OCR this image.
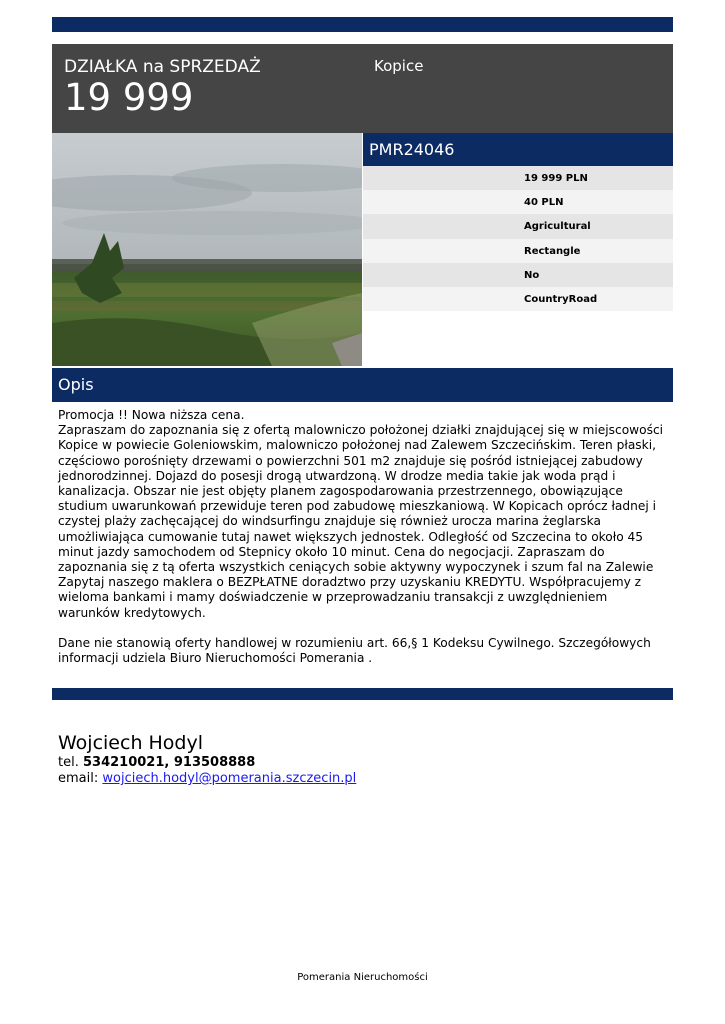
DZIAŁKA na SPRZEDAŻ
19 999
Kopice
PMR24046
19 999 PLN
40 PLN
Agricultural
Rectangle
No
CountryRoad
Opis

Promocja !! Nowa niższa cena.
Zapraszam do zapoznania się z ofertą malowniczo położonej działki znajdującej się w miejscowości Kopice w powiecie Goleniowskim, malowniczo położonej nad Zalewem Szczecińskim. Teren płaski, częściowo porośnięty drzewami o powierzchni 501 m2 znajduje się pośród istniejącej zabudowy jednorodzinnej. Dojazd do posesji drogą utwardzoną. W drodze media takie jak woda prąd i kanalizacja. Obszar nie jest objęty planem zagospodarowania przestrzennego, obowiązujące studium uwarunkowań przewiduje teren pod zabudowę mieszkaniową. W Kopicach oprócz ładnej i czystej plaży zachęcającej do windsurfingu znajduje się również urocza marina żeglarska umożliwiająca cumowanie tutaj nawet większych jednostek. Odległość od Szczecina to około 45 minut jazdy samochodem od Stepnicy około 10 minut. Cena do negocjacji. Zapraszam do zapoznania się z tą oferta wszystkich ceniących sobie aktywny wypoczynek i szum fal na Zalewie Zapytaj naszego maklera o BEZPŁATNE doradztwo przy uzyskaniu KREDYTU. Współpracujemy z wieloma bankami i mamy doświadczenie w przeprowadzaniu transakcji z uwzględnieniem warunków kredytowych.

Dane nie stanowią oferty handlowej w rozumieniu art. 66,§ 1 Kodeksu Cywilnego. Szczegółowych informacji udziela Biuro Nieruchomości Pomerania .

Wojciech Hodyl
tel. 534210021, 913508888
email: wojciech.hodyl@pomerania.szczecin.pl
Pomerania Nieruchomości
